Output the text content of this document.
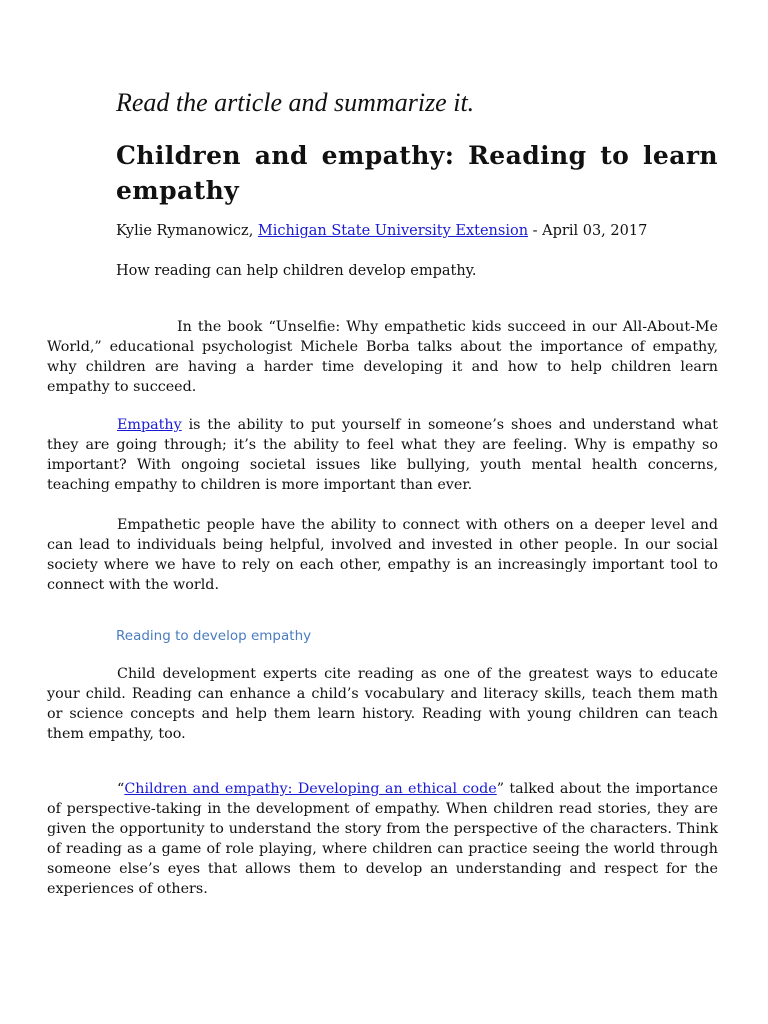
Read the article and summarize it.
Children and empathy: Reading to learn empathy

Kylie Rymanowicz, Michigan State University Extension - April 03, 2017

How reading can help children develop empathy.

In the book “Unselfie: Why empathetic kids succeed in our All-About-Me World,” educational psychologist Michele Borba talks about the importance of empathy, why children are having a harder time developing it and how to help children learn empathy to succeed.

Empathy is the ability to put yourself in someone’s shoes and understand what they are going through; it’s the ability to feel what they are feeling. Why is empathy so important? With ongoing societal issues like bullying, youth mental health concerns, teaching empathy to children is more important than ever.

Empathetic people have the ability to connect with others on a deeper level and can lead to individuals being helpful, involved and invested in other people. In our social society where we have to rely on each other, empathy is an increasingly important tool to connect with the world.

Reading to develop empathy

Child development experts cite reading as one of the greatest ways to educate your child. Reading can enhance a child’s vocabulary and literacy skills, teach them math or science concepts and help them learn history. Reading with young children can teach them empathy, too.

“Children and empathy: Developing an ethical code” talked about the importance of perspective-taking in the development of empathy. When children read stories, they are given the opportunity to understand the story from the perspective of the characters. Think of reading as a game of role playing, where children can practice seeing the world through someone else’s eyes that allows them to develop an understanding and respect for the experiences of others.
